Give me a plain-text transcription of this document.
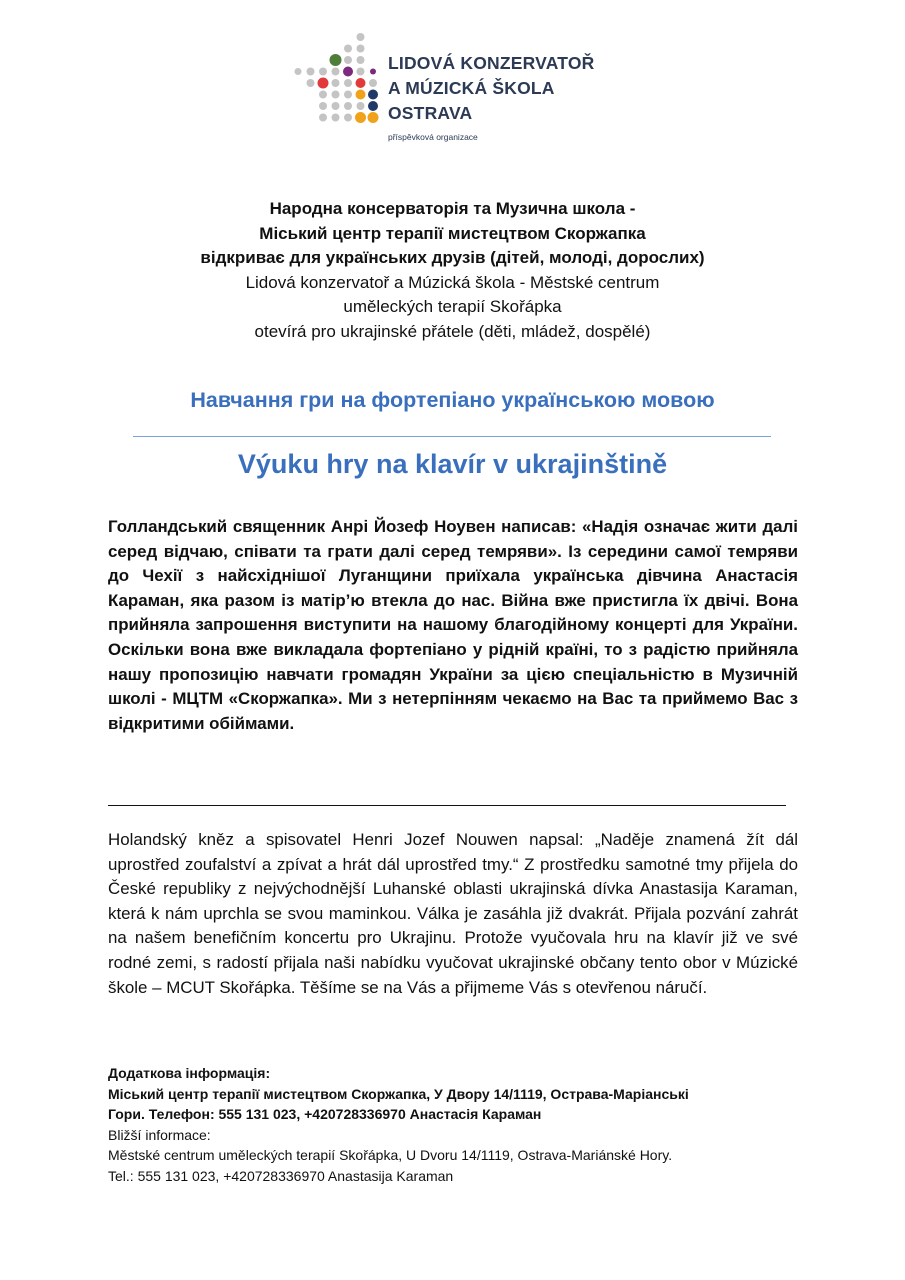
LIDOVÁ KONZERVATOŘ
A MÚZICKÁ ŠKOLA
OSTRAVA
příspěvková organizace
Народна консерваторія та Музична школа -
Міський центр терапії мистецтвом Скоржапка
відкриває для українських друзів (дітей, молоді, дорослих)
Lidová konzervatoř a Múzická škola - Městské centrum
uměleckých terapií Skořápka
otevírá pro ukrajinské přátele (děti, mládež, dospělé)
Навчання гри на фортепіано українською мовою
Výuku hry na klavír v ukrajinštině
Голландський священник Анрі Йозеф Ноувен написав: «Надія означає жити далі серед відчаю, співати та грати далі серед темряви». Із середини самої темряви до Чехії з найсхіднішої Луганщини приїхала українська дівчина Анастасія Караман, яка разом із матір’ю втекла до нас. Війна вже пристигла їх двічі. Вона прийняла запрошення виступити на нашому благодійному концерті для України. Оскільки вона вже викладала фортепіано у рідній країні, то з радістю прийняла нашу пропозицію навчати громадян України за цією спеціальністю в Музичній школі - МЦТМ «Скоржапка». Ми з нетерпінням чекаємо на Вас та приймемо Вас з відкритими обіймами.
Holandský kněz a spisovatel Henri Jozef Nouwen napsal: „Naděje znamená žít dál uprostřed zoufalství a zpívat a hrát dál uprostřed tmy.“ Z prostředku samotné tmy přijela do České republiky z nejvýchodnější Luhanské oblasti ukrajinská dívka Anastasija Karaman, která k nám uprchla se svou maminkou. Válka je zasáhla již dvakrát. Přijala pozvání zahrát na našem benefičním koncertu pro Ukrajinu. Protože vyučovala hru na klavír již ve své rodné zemi, s radostí přijala naši nabídku vyučovat ukrajinské občany tento obor v Múzické škole – MCUT Skořápka. Těšíme se na Vás a přijmeme Vás s otevřenou náručí.
Додаткова інформація:
Міський центр терапії мистецтвом Скоржапка, У Двору 14/1119, Острава-Маріанські
Гори. Телефон: 555 131 023, +420728336970 Анастасія Караман
Bližší informace:
Městské centrum uměleckých terapií Skořápka, U Dvoru 14/1119, Ostrava-Mariánské Hory.
Tel.: 555 131 023, +420728336970 Anastasija Karaman
